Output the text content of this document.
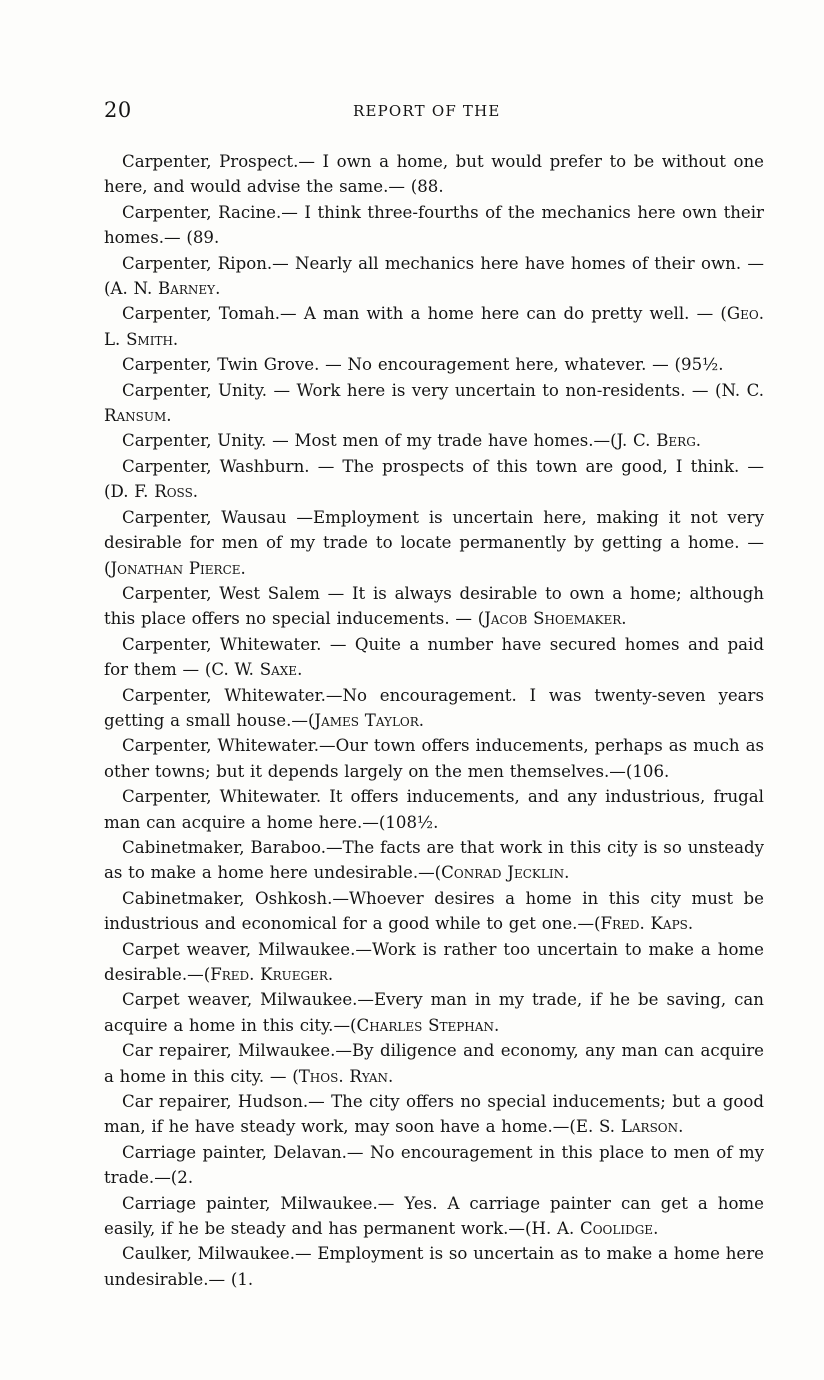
20	REPORT OF THE

Carpenter, Prospect.— I own a home, but would prefer to be without one here, and would advise the same.— (88.

Carpenter, Racine.— I think three-fourths of the mechanics here own their homes.— (89.

Carpenter, Ripon.— Nearly all mechanics here have homes of their own. — (A. N. Barney.

Carpenter, Tomah.— A man with a home here can do pretty well. — (Geo. L. Smith.

Carpenter, Twin Grove. — No encouragement here, whatever. — (95½.

Carpenter, Unity. — Work here is very uncertain to non-residents. — (N. C. Ransum.

Carpenter, Unity. — Most men of my trade have homes.—(J. C. Berg.

Carpenter, Washburn. — The prospects of this town are good, I think. — (D. F. Ross.

Carpenter, Wausau —Employment is uncertain here, making it not very desirable for men of my trade to locate permanently by getting a home. — (Jonathan Pierce.

Carpenter, West Salem — It is always desirable to own a home; although this place offers no special inducements. — (Jacob Shoemaker.

Carpenter, Whitewater. — Quite a number have secured homes and paid for them — (C. W. Saxe.

Carpenter, Whitewater.—No encouragement. I was twenty-seven years getting a small house.—(James Taylor.

Carpenter, Whitewater.—Our town offers inducements, perhaps as much as other towns; but it depends largely on the men themselves.—(106.

Carpenter, Whitewater. It offers inducements, and any industrious, frugal man can acquire a home here.—(108½.

Cabinetmaker, Baraboo.—The facts are that work in this city is so unsteady as to make a home here undesirable.—(Conrad Jecklin.

Cabinetmaker, Oshkosh.—Whoever desires a home in this city must be industrious and economical for a good while to get one.—(Fred. Kaps.

Carpet weaver, Milwaukee.—Work is rather too uncertain to make a home desirable.—(Fred. Krueger.

Carpet weaver, Milwaukee.—Every man in my trade, if he be saving, can acquire a home in this city.—(Charles Stephan.

Car repairer, Milwaukee.—By diligence and economy, any man can acquire a home in this city. — (Thos. Ryan.

Car repairer, Hudson.— The city offers no special inducements; but a good man, if he have steady work, may soon have a home.—(E. S. Larson.

Carriage painter, Delavan.— No encouragement in this place to men of my trade.—(2.

Carriage painter, Milwaukee.— Yes. A carriage painter can get a home easily, if he be steady and has permanent work.—(H. A. Coolidge.

Caulker, Milwaukee.— Employment is so uncertain as to make a home here undesirable.— (1.
